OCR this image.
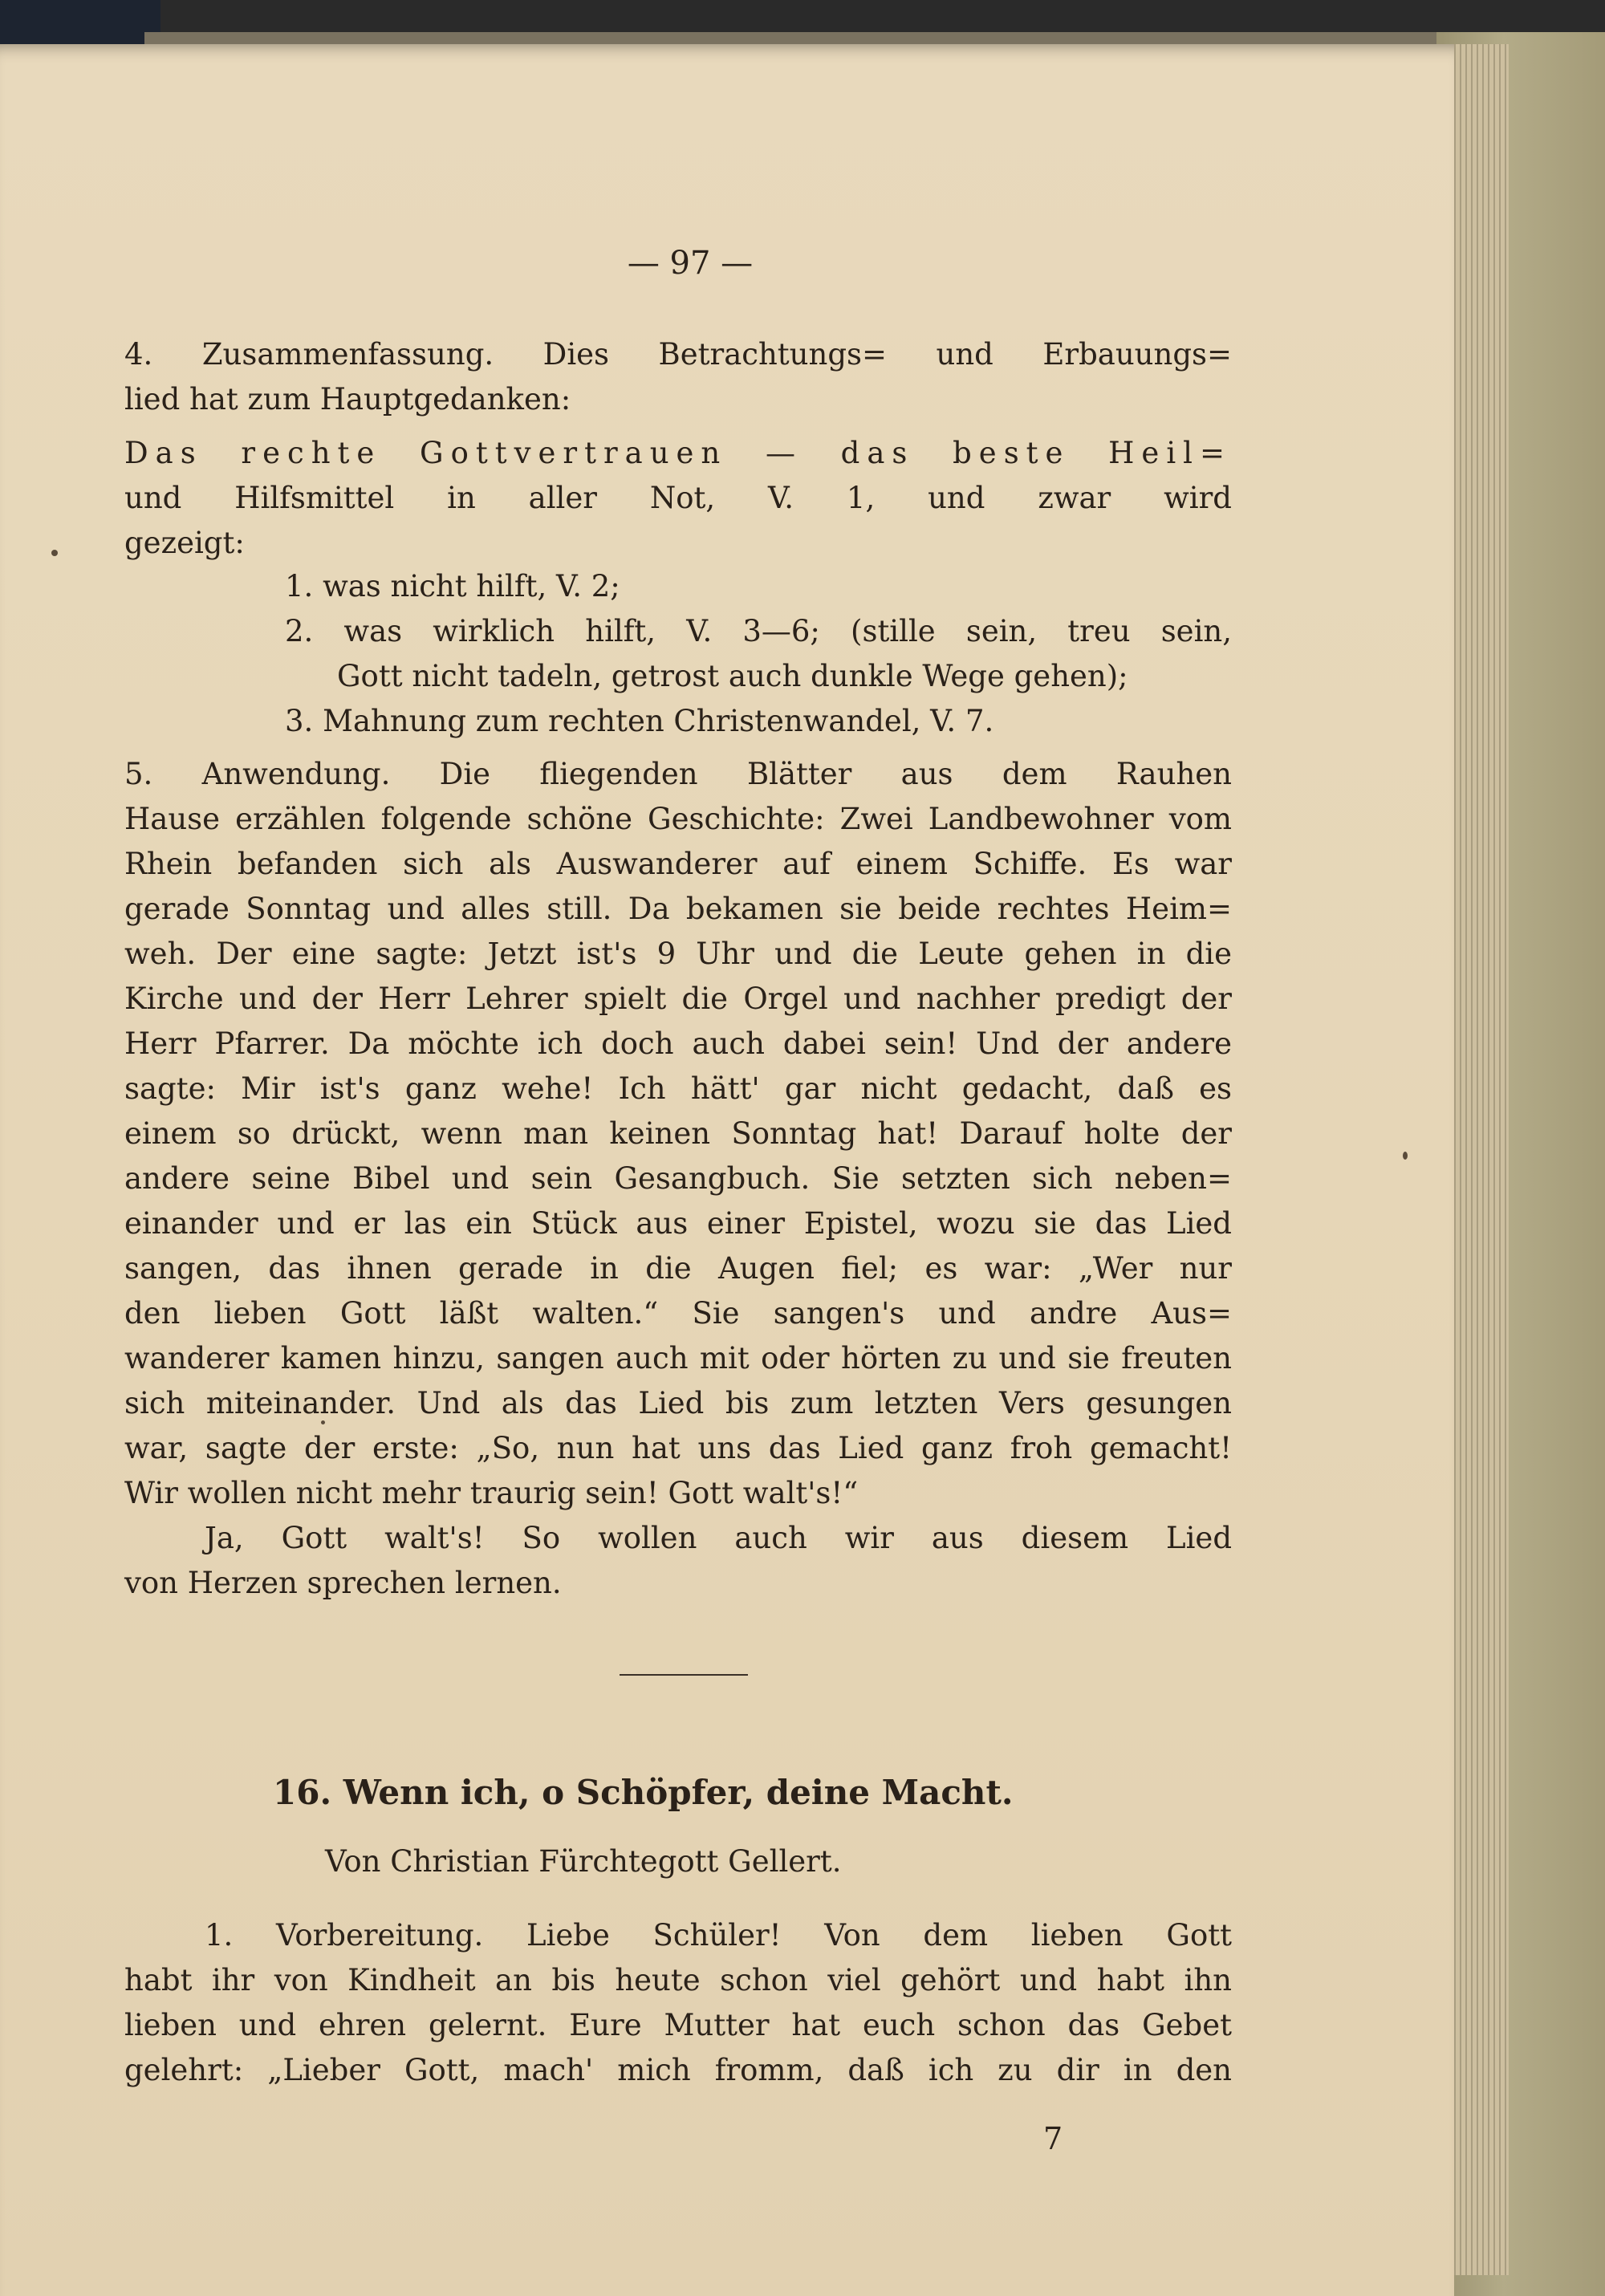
— 97 —
4. Zusammenfassung. Dies Betrachtungs= und Erbauungs=
lied hat zum Hauptgedanken:
Das rechte Gottvertrauen — das beste Heil=
und Hilfsmittel in aller Not, V. 1, und zwar wird
gezeigt:
1. was nicht hilft, V. 2;
2. was wirklich hilft, V. 3—6; (stille sein, treu sein,
Gott nicht tadeln, getrost auch dunkle Wege gehen);
3. Mahnung zum rechten Christenwandel, V. 7.
5. Anwendung. Die fliegenden Blätter aus dem Rauhen
Hause erzählen folgende schöne Geschichte: Zwei Landbewohner vom
Rhein befanden sich als Auswanderer auf einem Schiffe. Es war
gerade Sonntag und alles still. Da bekamen sie beide rechtes Heim=
weh. Der eine sagte: Jetzt ist's 9 Uhr und die Leute gehen in die
Kirche und der Herr Lehrer spielt die Orgel und nachher predigt der
Herr Pfarrer. Da möchte ich doch auch dabei sein! Und der andere
sagte: Mir ist's ganz wehe! Ich hätt' gar nicht gedacht, daß es
einem so drückt, wenn man keinen Sonntag hat! Darauf holte der
andere seine Bibel und sein Gesangbuch. Sie setzten sich neben=
einander und er las ein Stück aus einer Epistel, wozu sie das Lied
sangen, das ihnen gerade in die Augen fiel; es war: „Wer nur
den lieben Gott läßt walten.“ Sie sangen's und andre Aus=
wanderer kamen hinzu, sangen auch mit oder hörten zu und sie freuten
sich miteinander. Und als das Lied bis zum letzten Vers gesungen
war, sagte der erste: „So, nun hat uns das Lied ganz froh gemacht!
Wir wollen nicht mehr traurig sein! Gott walt's!“
Ja, Gott walt's! So wollen auch wir aus diesem Lied
von Herzen sprechen lernen.
16. Wenn ich, o Schöpfer, deine Macht.
Von Christian Fürchtegott Gellert.
1. Vorbereitung. Liebe Schüler! Von dem lieben Gott
habt ihr von Kindheit an bis heute schon viel gehört und habt ihn
lieben und ehren gelernt. Eure Mutter hat euch schon das Gebet
gelehrt: „Lieber Gott, mach' mich fromm, daß ich zu dir in den
7
